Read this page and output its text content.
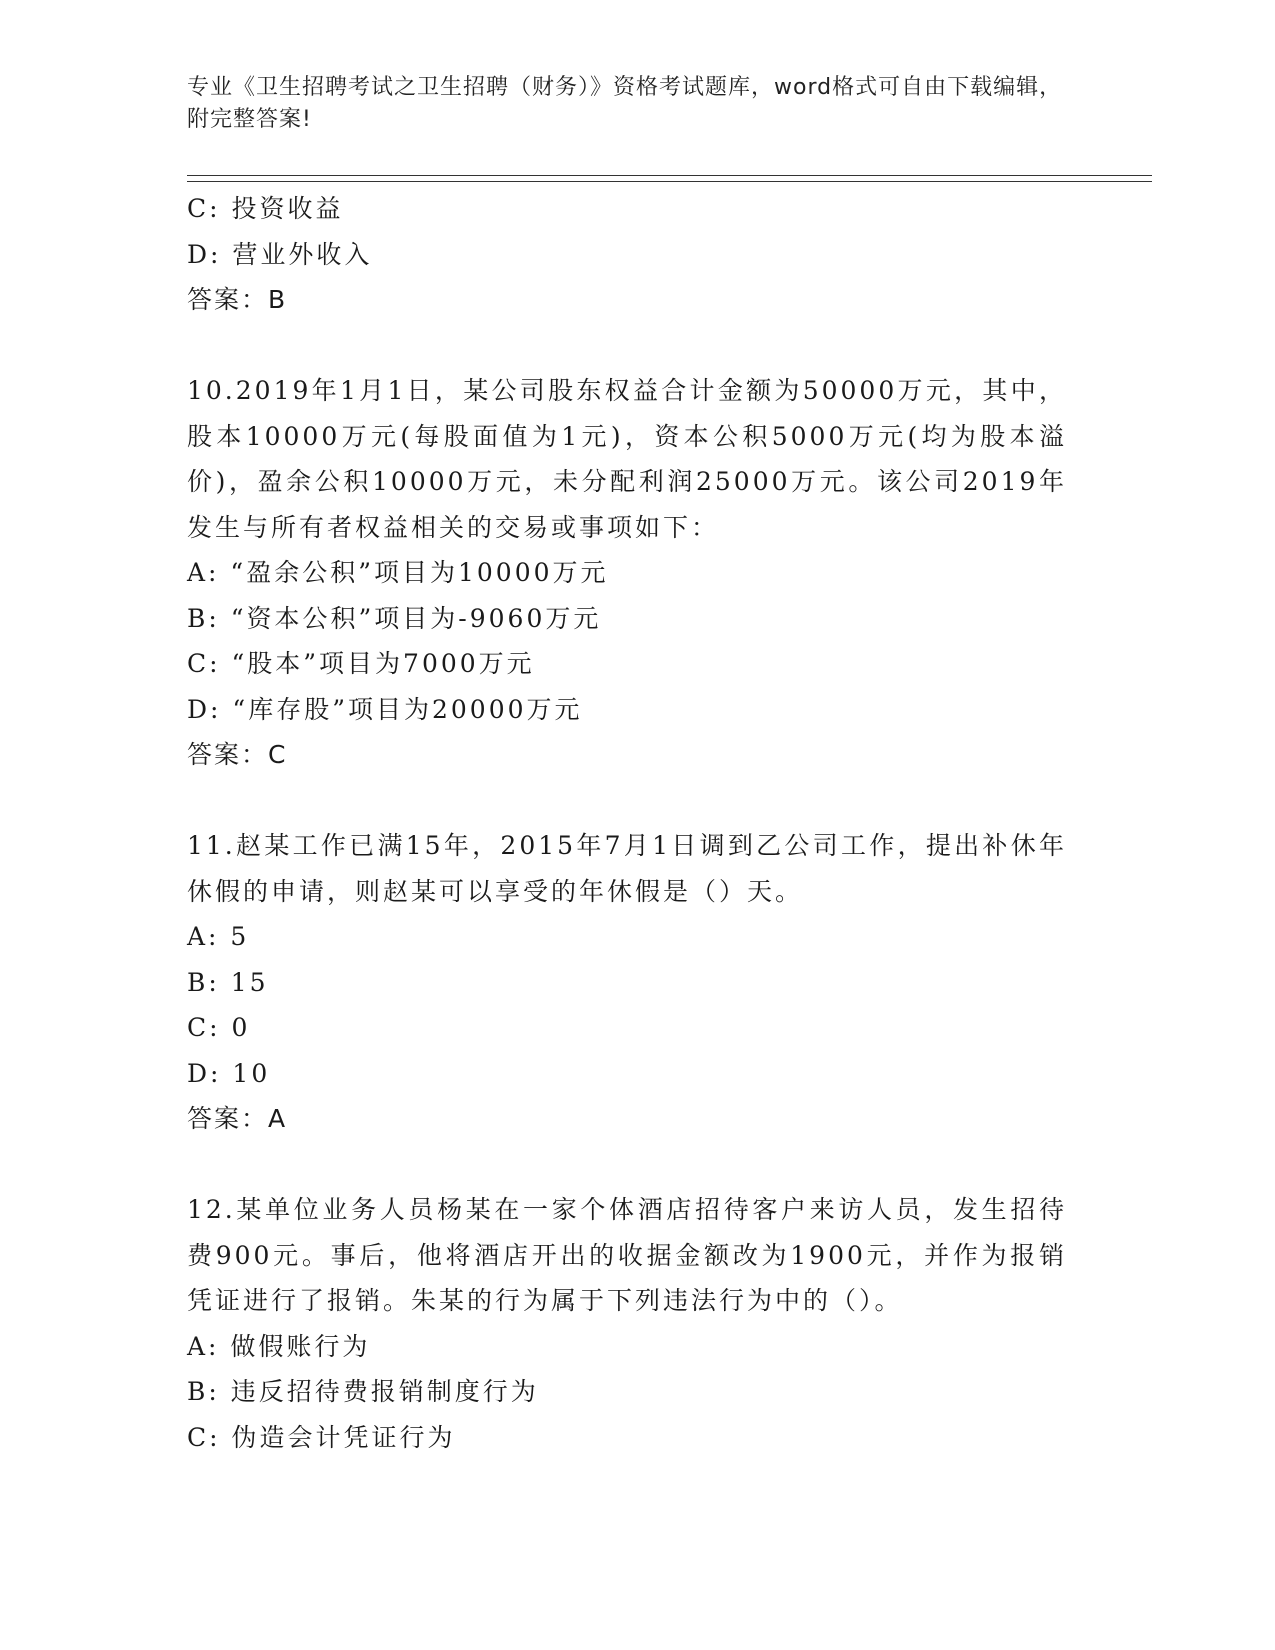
专业《卫生招聘考试之卫生招聘（财务）》资格考试题库，word格式可自由下载编辑，附完整答案!
C: 投资收益
D: 营业外收入
答案：B
10.2019年1月1日，某公司股东权益合计金额为50000万元，其中，股本10000万元(每股面值为1元)，资本公积5000万元(均为股本溢价)，盈余公积10000万元，未分配利润25000万元。该公司2019年发生与所有者权益相关的交易或事项如下：
A: “盈余公积”项目为10000万元
B: “资本公积”项目为-9060万元
C: “股本”项目为7000万元
D: “库存股”项目为20000万元
答案：C
11.赵某工作已满15年，2015年7月1日调到乙公司工作，提出补休年休假的申请，则赵某可以享受的年休假是（）天。
A: 5
B: 15
C: 0
D: 10
答案：A
12.某单位业务人员杨某在一家个体酒店招待客户来访人员，发生招待费900元。事后，他将酒店开出的收据金额改为1900元，并作为报销凭证进行了报销。朱某的行为属于下列违法行为中的（）。
A: 做假账行为
B: 违反招待费报销制度行为
C: 伪造会计凭证行为
